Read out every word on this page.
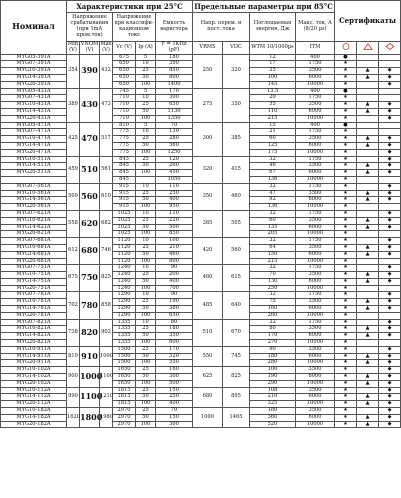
Номинал	Характеристики при 25°С						Предельные параметры при 85°С				Сертификаты		

	Напряжение срабатывания (при 1mA пром.ток)			Напряжение при классифи-кационном токе		Емкость варистора	Напр. перем. и пост. тока		Поглощаемая энергия, Дж	Макс. ток, А (8/20 µs)			
	Min (V)	VNOM (V)	Max (V)	Vc (V)	Ip (A)	F = 1KHz (pF)	VRMS	VDC	WTM 10/1000µs	ITM			
MYG05-391A	354	390	432	675	5	180	250	320	12	400	●		
MYG07-391A				650	10	390			17	1750	★		
MYG10-391A				650	25	850			35	3500	★	▲	◆
MYG14-391A				650	50	800			100	6000	★	▲	◆
MYG20-391A				650	100	1400			145	10000	★		◆
MYG05-431A	389	430	473	745	5	170	275	350	13.5	400	●		
MYG07-431A				710	10	300			20	1750	★		
MYG10-431A				710	25	650			55	3500	★	▲	◆
MYG14-431A				710	50	1130			110	6000	★	▲	◆
MYG20-431A				710	100	1350			215	10000	★		◆
MYG05-471A	425	470	517	810	5	70	300	385	15	400	●		
MYG07-471A				775	10	130			21	1750	★		
MYG10-471A				775	25	280			60	3500	★	▲	◆
MYG14-471A				775	50	560			125	6000	★	▲	◆
MYG20-471A				775	100	1250			175	10000	★		◆
MYG10-511A	459	510	561	845	25	120	320	415	32	1750	★		◆
MYG14-511A				845	50	260			46	3500	★	▲	◆
MYG20-511A				845	100	450			67	6000	★	▲	◆
				845		1050			136	10000	★		
MYG07-561A	509	560	610	915	10	110	350	460	32	1750	★		◆
MYG10-561A				915	25	250			47	3500	★	▲	◆
MYG14-561A				915	50	400			92	6000	★	▲	◆
MYG20-561A				915	100	950			136	10000	★		
MYG07-621A	558	620	682	1025	10	110	385	505	32	1750	★		◆
MYG10-621A				1025	25	220			60	3500	★	▲	◆
MYG14-621A				1025	50	500			135	6000	★	▲	◆
MYG20-621A				1025	100	850			205	10000	★		
MYG07-681A	612	680	746	1120	10	100	420	560	32	1750	★		◆
MYG10-681A				1120	25	210			64	3500	★	▲	◆
MYG14-681A				1120	50	460			150	6000	★	▲	◆
MYG20-681A				1120	100	800			215	10000	★		
MYG07-751A	675	750	825	1240	10	90	460	615	32	1750	★		◆
MYG10-751A				1240	25	200			70	3500	★	▲	◆
MYG14-751A				1240	50	400			130	6000	★	▲	◆
MYG20-751A				1240	100	700			250	10000	★		
MYG07-781A	702	780	858	1290	10	90	485	640	32	1750	★		◆
MYG10-781A				1290	25	190			75	3500	★	▲	◆
MYG14-781A				1290	50	380			160	6000	★	▲	◆
MYG20-781A				1290	100	650			260	10000	★		
MYG07-821A	738	820	902	1355	10	80	510	670	32	1750	★		◆
MYG10-821A				1355	25	180			80	3500	★	▲	◆
MYG14-821A				1355	50	350			170	6000	★	▲	◆
MYG20-821A				1355	100	600			270	10000	★		
MYG10-911A	819	910	1000	1500	25	170	550	745	90	3500	★		◆
MYG14-911A				1500	50	320			180	6000	★	▲	◆
MYG20-911A				1500	100	550			280	10000	★	▲	◆
MYG10-102A	900	1000	1100	1650	25	160	625	825	100	3500	★		◆
MYG14-102A				1650	50	300			190	6000	★	▲	◆
MYG20-102A				1650	100	500			290	10000	★	▲	◆
MYG10-112A	990	1100	1210	1815	25	150	680	895	108	3500	★		◆
MYG14-112A				1815	50	250			210	6000	★	▲	◆
MYG20-112A				1815	100	400			325	10000	★	▲	◆
MYG10-182A	1620	1800	1980	2970	25	70	1000	1465	180	3500	★		◆
MYG14-182A				2970	50	150			360	6000	★	▲	◆
MYG20-182A				2970	100	300			520	10000	★	▲	◆
